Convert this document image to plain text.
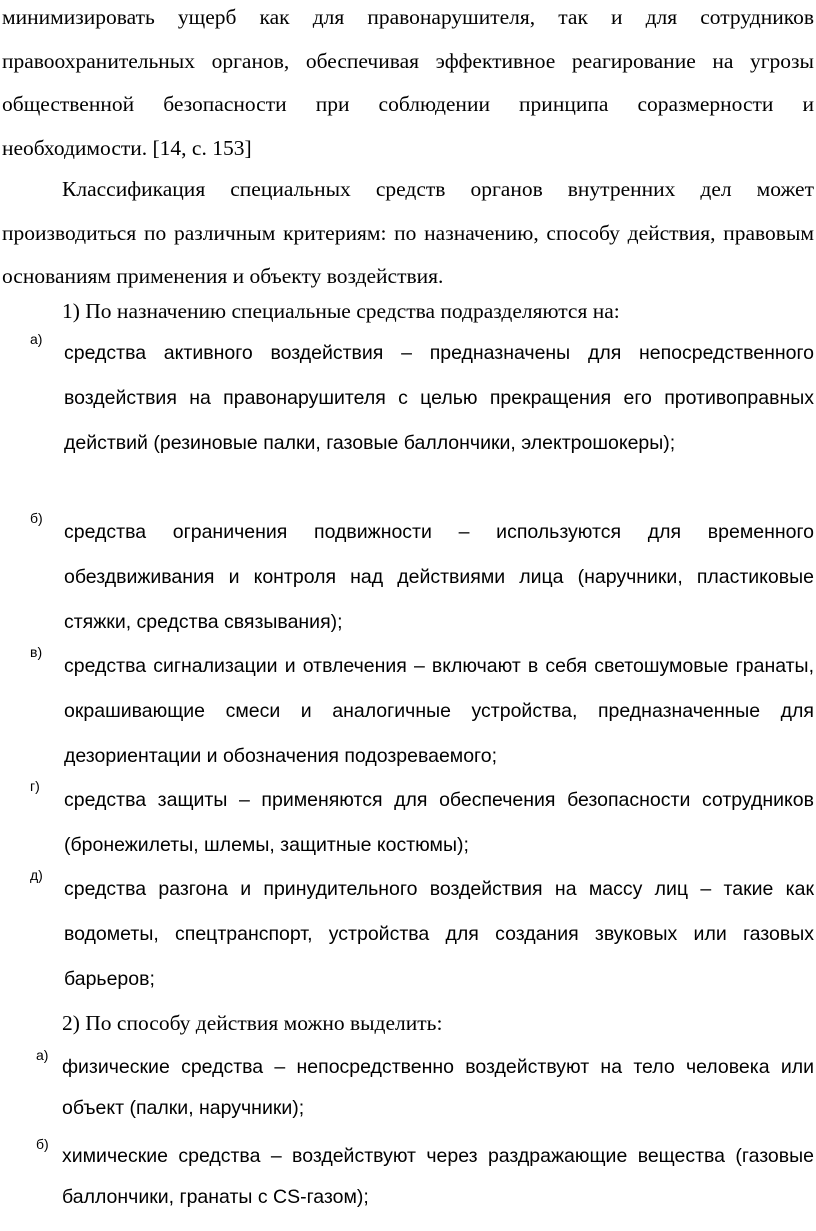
минимизировать ущерб как для правонарушителя, так и для сотрудников правоохранительных органов, обеспечивая эффективное реагирование на угрозы общественной безопасности при соблюдении принципа соразмерности и необходимости. [14, с. 153]

Классификация специальных средств органов внутренних дел может производиться по различным критериям: по назначению, способу действия, правовым основаниям применения и объекту воздействия.

1) По назначению специальные средства подразделяются на:

а)

средства активного воздействия – предназначены для непосредственного воздействия на правонарушителя с целью прекращения его противоправных действий (резиновые палки, газовые баллончики, электрошокеры);

б)

средства ограничения подвижности – используются для временного обездвиживания и контроля над действиями лица (наручники, пластиковые стяжки, средства связывания);

в)

средства сигнализации и отвлечения – включают в себя светошумовые гранаты, окрашивающие смеси и аналогичные устройства, предназначенные для дезориентации и обозначения подозреваемого;

г)

средства защиты – применяются для обеспечения безопасности сотрудников (бронежилеты, шлемы, защитные костюмы);

д)

средства разгона и принудительного воздействия на массу лиц – такие как водометы, спецтранспорт, устройства для создания звуковых или газовых барьеров;

2) По способу действия можно выделить:

а)

физические средства – непосредственно воздействуют на тело человека или объект (палки, наручники);

б)

химические средства – воздействуют через раздражающие вещества (газовые баллончики, гранаты с CS-газом);
